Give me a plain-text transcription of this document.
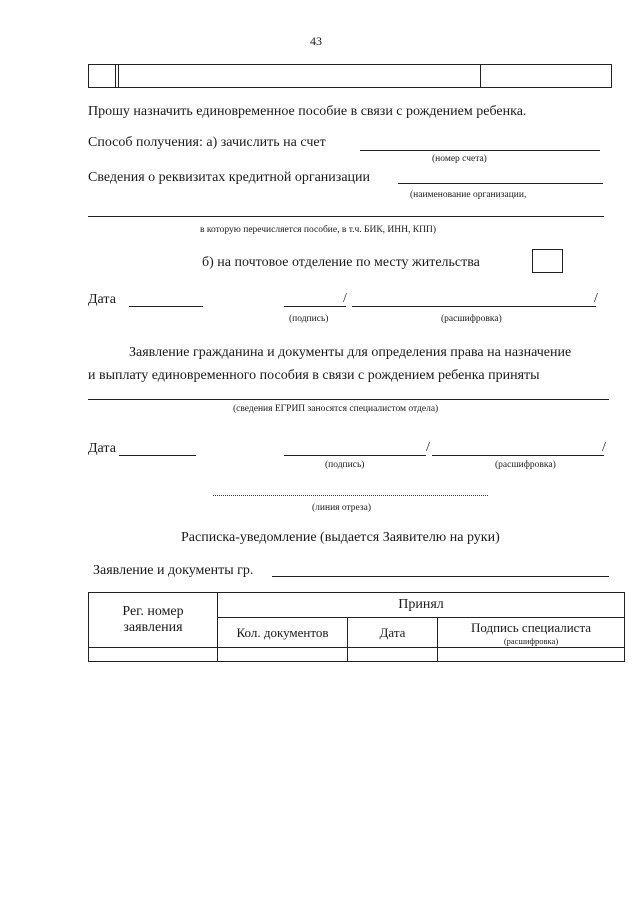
43
Прошу назначить единовременное пособие в связи с рождением ребенка.
Способ получения: а) зачислить на счет
(номер счета)
Сведения о реквизитах кредитной организации
(наименование организации,
в которую перечисляется пособие, в т.ч. БИК, ИНН, КПП)
б) на почтовое отделение по месту жительства
Дата	/	/
(подпись)	(расшифровка)
Заявление гражданина и документы для определения права на назначение
и выплату единовременного пособия в связи с рождением ребенка приняты
(сведения ЕГРИП заносятся специалистом отдела)
Дата	/	/
(подпись)	(расшифровка)
(линия отреза)
Расписка-уведомление (выдается Заявителю на руки)
Заявление и документы гр.
Рег. номер
заявления	Принял		
	Кол. документов	Дата	Подпись специалиста
(расшифровка)
